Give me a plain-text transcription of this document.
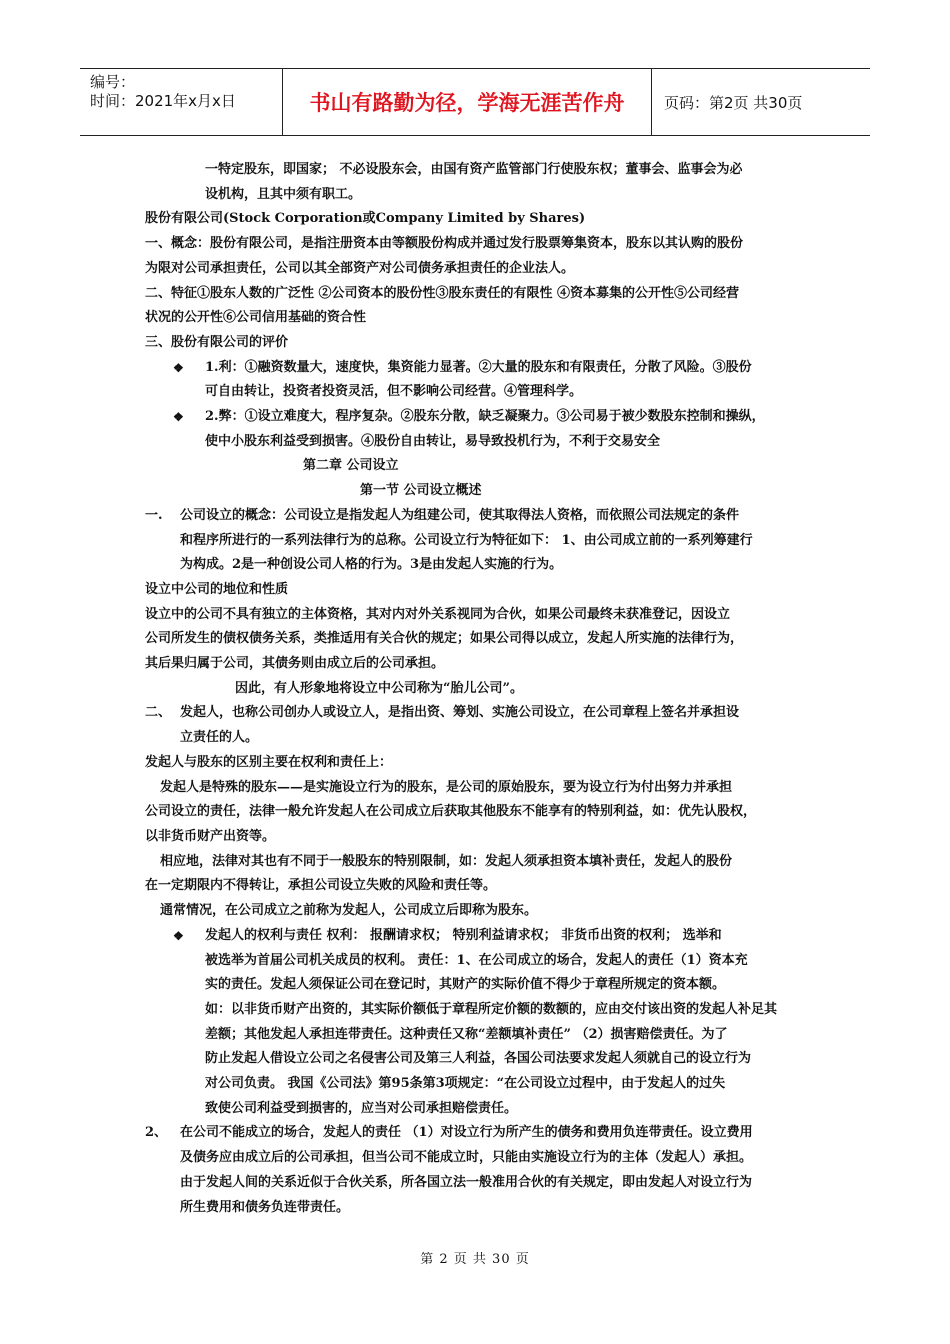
编号：
时间：2021年x月x日	书山有路勤为径，学海无涯苦作舟	页码：第2页 共30页

一特定股东，即国家； 不必设股东会，由国有资产监管部门行使股东权；董事会、监事会为必

设机构，且其中须有职工。

股份有限公司(Stock Corporation或Company Limited by Shares)

一、概念：股份有限公司，是指注册资本由等额股份构成并通过发行股票筹集资本，股东以其认购的股份

为限对公司承担责任，公司以其全部资产对公司债务承担责任的企业法人。

二、特征①股东人数的广泛性 ②公司资本的股份性③股东责任的有限性 ④资本募集的公开性⑤公司经营

状况的公开性⑥公司信用基础的资合性

三、股份有限公司的评价

❖ 1.利：①融资数量大，速度快，集资能力显著。②大量的股东和有限责任，分散了风险。③股份

可自由转让，投资者投资灵活，但不影响公司经营。④管理科学。

❖ 2.弊：①设立难度大，程序复杂。②股东分散，缺乏凝聚力。③公司易于被少数股东控制和操纵，

使中小股东利益受到损害。④股份自由转让，易导致投机行为，不利于交易安全

第二章 公司设立

第一节 公司设立概述

一. 公司设立的概念：公司设立是指发起人为组建公司，使其取得法人资格，而依照公司法规定的条件

和程序所进行的一系列法律行为的总称。公司设立行为特征如下： 1、由公司成立前的一系列筹建行

为构成。2是一种创设公司人格的行为。3是由发起人实施的行为。

设立中公司的地位和性质

设立中的公司不具有独立的主体资格，其对内对外关系视同为合伙，如果公司最终未获准登记，因设立

公司所发生的债权债务关系，类推适用有关合伙的规定；如果公司得以成立，发起人所实施的法律行为，

其后果归属于公司，其债务则由成立后的公司承担。

因此，有人形象地将设立中公司称为“胎儿公司”。

二、 发起人，也称公司创办人或设立人，是指出资、筹划、实施公司设立，在公司章程上签名并承担设

立责任的人。

发起人与股东的区别主要在权利和责任上：

发起人是特殊的股东——是实施设立行为的股东，是公司的原始股东，要为设立行为付出努力并承担

公司设立的责任，法律一般允许发起人在公司成立后获取其他股东不能享有的特别利益，如：优先认股权，

以非货币财产出资等。

相应地，法律对其也有不同于一般股东的特别限制，如：发起人须承担资本填补责任，发起人的股份

在一定期限内不得转让，承担公司设立失败的风险和责任等。

通常情况，在公司成立之前称为发起人，公司成立后即称为股东。

❖ 发起人的权利与责任 权利： 报酬请求权； 特别利益请求权； 非货币出资的权利； 选举和

被选举为首届公司机关成员的权利。 责任：1、在公司成立的场合，发起人的责任（1）资本充

实的责任。发起人须保证公司在登记时，其财产的实际价值不得少于章程所规定的资本额。

如：以非货币财产出资的，其实际价额低于章程所定价额的数额的，应由交付该出资的发起人补足其

差额；其他发起人承担连带责任。这种责任又称“差额填补责任” （2）损害赔偿责任。为了

防止发起人借设立公司之名侵害公司及第三人利益，各国公司法要求发起人须就自己的设立行为

对公司负责。 我国《公司法》第95条第3项规定：“在公司设立过程中，由于发起人的过失

致使公司利益受到损害的，应当对公司承担赔偿责任。

2、 在公司不能成立的场合，发起人的责任 （1）对设立行为所产生的债务和费用负连带责任。设立费用

及债务应由成立后的公司承担，但当公司不能成立时，只能由实施设立行为的主体（发起人）承担。

由于发起人间的关系近似于合伙关系，所各国立法一般准用合伙的有关规定，即由发起人对设立行为

所生费用和债务负连带责任。

第 2 页 共 30 页
